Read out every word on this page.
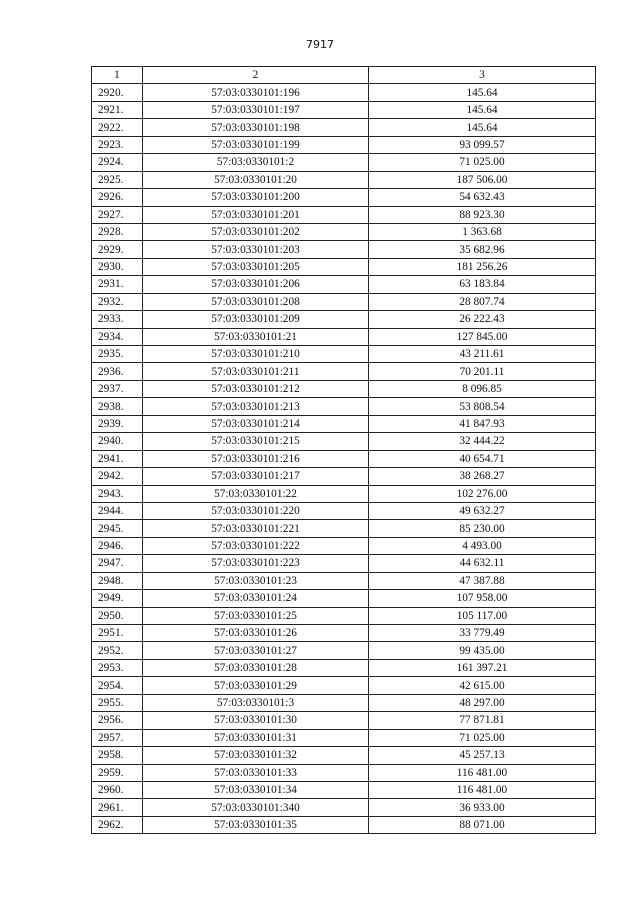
7917
1	2	3
2920.	57:03:0330101:196	145.64
2921.	57:03:0330101:197	145.64
2922.	57:03:0330101:198	145.64
2923.	57:03:0330101:199	93 099.57
2924.	57:03:0330101:2	71 025.00
2925.	57:03:0330101:20	187 506.00
2926.	57:03:0330101:200	54 632.43
2927.	57:03:0330101:201	88 923.30
2928.	57:03:0330101:202	1 363.68
2929.	57:03:0330101:203	35 682.96
2930.	57:03:0330101:205	181 256.26
2931.	57:03:0330101:206	63 183.84
2932.	57:03:0330101:208	28 807.74
2933.	57:03:0330101:209	26 222.43
2934.	57:03:0330101:21	127 845.00
2935.	57:03:0330101:210	43 211.61
2936.	57:03:0330101:211	70 201.11
2937.	57:03:0330101:212	8 096.85
2938.	57:03:0330101:213	53 808.54
2939.	57:03:0330101:214	41 847.93
2940.	57:03:0330101:215	32 444.22
2941.	57:03:0330101:216	40 654.71
2942.	57:03:0330101:217	38 268.27
2943.	57:03:0330101:22	102 276.00
2944.	57:03:0330101:220	49 632.27
2945.	57:03:0330101:221	85 230.00
2946.	57:03:0330101:222	4 493.00
2947.	57:03:0330101:223	44 632.11
2948.	57:03:0330101:23	47 387.88
2949.	57:03:0330101:24	107 958.00
2950.	57:03:0330101:25	105 117.00
2951.	57:03:0330101:26	33 779.49
2952.	57:03:0330101:27	99 435.00
2953.	57:03:0330101:28	161 397.21
2954.	57:03:0330101:29	42 615.00
2955.	57:03:0330101:3	48 297.00
2956.	57:03:0330101:30	77 871.81
2957.	57:03:0330101:31	71 025.00
2958.	57:03:0330101:32	45 257.13
2959.	57:03:0330101:33	116 481.00
2960.	57:03:0330101:34	116 481.00
2961.	57:03:0330101:340	36 933.00
2962.	57:03:0330101:35	88 071.00
